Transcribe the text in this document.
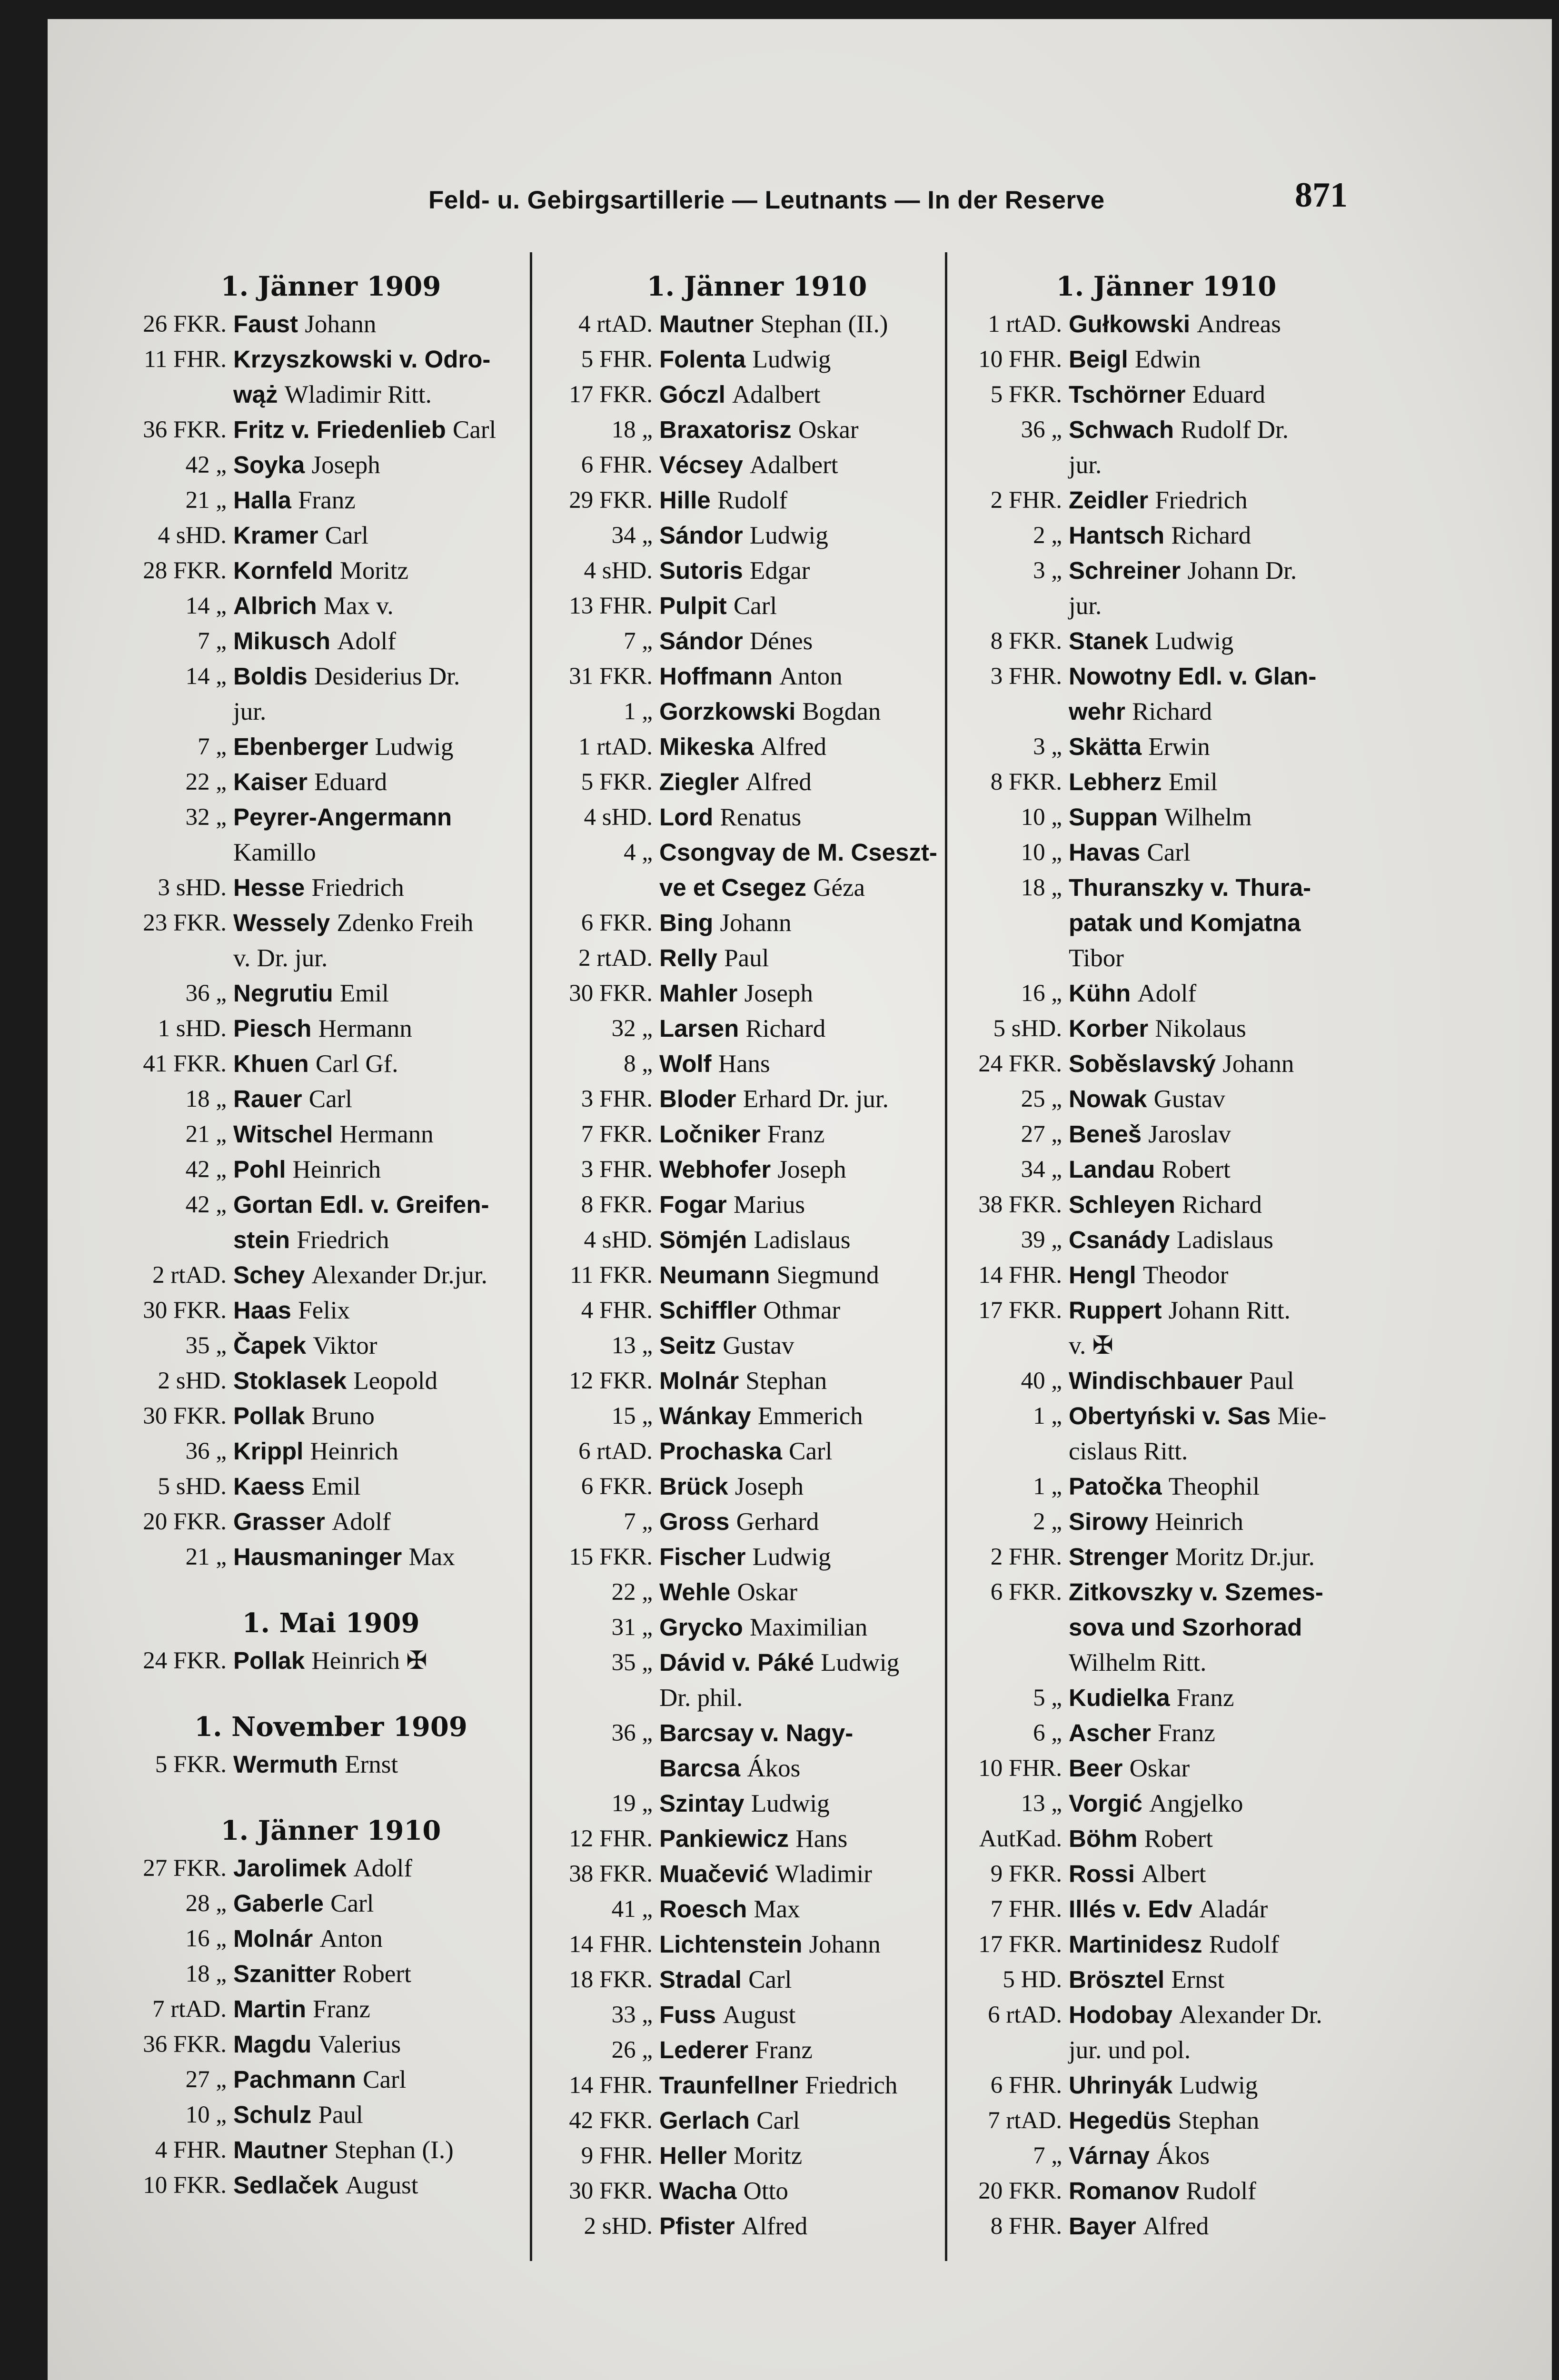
Feld- u. Gebirgsartillerie — Leutnants — In der Reserve	871
1. Jänner 1909
26 FKR. Faust Johann
11 FHR. Krzyszkowski v. Odro-
wąż Wladimir Ritt.
36 FKR. Fritz v. Friedenlieb Carl
42 „ Soyka Joseph
21 „ Halla Franz
4 sHD. Kramer Carl
28 FKR. Kornfeld Moritz
14 „ Albrich Max v.
7 „ Mikusch Adolf
14 „ Boldis Desiderius Dr.
jur.
7 „ Ebenberger Ludwig
22 „ Kaiser Eduard
32 „ Peyrer-Angermann
Kamillo
3 sHD. Hesse Friedrich
23 FKR. Wessely Zdenko Freih
v. Dr. jur.
36 „ Negrutiu Emil
1 sHD. Piesch Hermann
41 FKR. Khuen Carl Gf.
18 „ Rauer Carl
21 „ Witschel Hermann
42 „ Pohl Heinrich
42 „ Gortan Edl. v. Greifen-
stein Friedrich
2 rtAD. Schey Alexander Dr.jur.
30 FKR. Haas Felix
35 „ Čapek Viktor
2 sHD. Stoklasek Leopold
30 FKR. Pollak Bruno
36 „ Krippl Heinrich
5 sHD. Kaess Emil
20 FKR. Grasser Adolf
21 „ Hausmaninger Max
1. Mai 1909
24 FKR. Pollak Heinrich ✠
1. November 1909
5 FKR. Wermuth Ernst
1. Jänner 1910
27 FKR. Jarolimek Adolf
28 „ Gaberle Carl
16 „ Molnár Anton
18 „ Szanitter Robert
7 rtAD. Martin Franz
36 FKR. Magdu Valerius
27 „ Pachmann Carl
10 „ Schulz Paul
4 FHR. Mautner Stephan (I.)
10 FKR. Sedlaček August
1. Jänner 1910
4 rtAD. Mautner Stephan (II.)
5 FHR. Folenta Ludwig
17 FKR. Góczl Adalbert
18 „ Braxatorisz Oskar
6 FHR. Vécsey Adalbert
29 FKR. Hille Rudolf
34 „ Sándor Ludwig
4 sHD. Sutoris Edgar
13 FHR. Pulpit Carl
7 „ Sándor Dénes
31 FKR. Hoffmann Anton
1 „ Gorzkowski Bogdan
1 rtAD. Mikeska Alfred
5 FKR. Ziegler Alfred
4 sHD. Lord Renatus
4 „ Csongvay de M. Cseszt-
ve et Csegez Géza
6 FKR. Bing Johann
2 rtAD. Relly Paul
30 FKR. Mahler Joseph
32 „ Larsen Richard
8 „ Wolf Hans
3 FHR. Bloder Erhard Dr. jur.
7 FKR. Ločniker Franz
3 FHR. Webhofer Joseph
8 FKR. Fogar Marius
4 sHD. Sömjén Ladislaus
11 FKR. Neumann Siegmund
4 FHR. Schiffler Othmar
13 „ Seitz Gustav
12 FKR. Molnár Stephan
15 „ Wánkay Emmerich
6 rtAD. Prochaska Carl
6 FKR. Brück Joseph
7 „ Gross Gerhard
15 FKR. Fischer Ludwig
22 „ Wehle Oskar
31 „ Grycko Maximilian
35 „ Dávid v. Páké Ludwig
Dr. phil.
36 „ Barcsay v. Nagy-
Barcsa Ákos
19 „ Szintay Ludwig
12 FHR. Pankiewicz Hans
38 FKR. Muačević Wladimir
41 „ Roesch Max
14 FHR. Lichtenstein Johann
18 FKR. Stradal Carl
33 „ Fuss August
26 „ Lederer Franz
14 FHR. Traunfellner Friedrich
42 FKR. Gerlach Carl
9 FHR. Heller Moritz
30 FKR. Wacha Otto
2 sHD. Pfister Alfred
1. Jänner 1910
1 rtAD. Gułkowski Andreas
10 FHR. Beigl Edwin
5 FKR. Tschörner Eduard
36 „ Schwach Rudolf Dr.
jur.
2 FHR. Zeidler Friedrich
2 „ Hantsch Richard
3 „ Schreiner Johann Dr.
jur.
8 FKR. Stanek Ludwig
3 FHR. Nowotny Edl. v. Glan-
wehr Richard
3 „ Skätta Erwin
8 FKR. Lebherz Emil
10 „ Suppan Wilhelm
10 „ Havas Carl
18 „ Thuranszky v. Thura-
patak und Komjatna
Tibor
16 „ Kühn Adolf
5 sHD. Korber Nikolaus
24 FKR. Soběslavský Johann
25 „ Nowak Gustav
27 „ Beneš Jaroslav
34 „ Landau Robert
38 FKR. Schleyen Richard
39 „ Csanády Ladislaus
14 FHR. Hengl Theodor
17 FKR. Ruppert Johann Ritt.
v. ✠
40 „ Windischbauer Paul
1 „ Obertyński v. Sas Mie-
cislaus Ritt.
1 „ Patočka Theophil
2 „ Sirowy Heinrich
2 FHR. Strenger Moritz Dr.jur.
6 FKR. Zitkovszky v. Szemes-
sova und Szorhorad
Wilhelm Ritt.
5 „ Kudielka Franz
6 „ Ascher Franz
10 FHR. Beer Oskar
13 „ Vorgić Angjelko
AutKad. Böhm Robert
9 FKR. Rossi Albert
7 FHR. Illés v. Edv Aladár
17 FKR. Martinidesz Rudolf
5 HD. Brösztel Ernst
6 rtAD. Hodobay Alexander Dr.
jur. und pol.
6 FHR. Uhrinyák Ludwig
7 rtAD. Hegedüs Stephan
7 „ Várnay Ákos
20 FKR. Romanov Rudolf
8 FHR. Bayer Alfred
